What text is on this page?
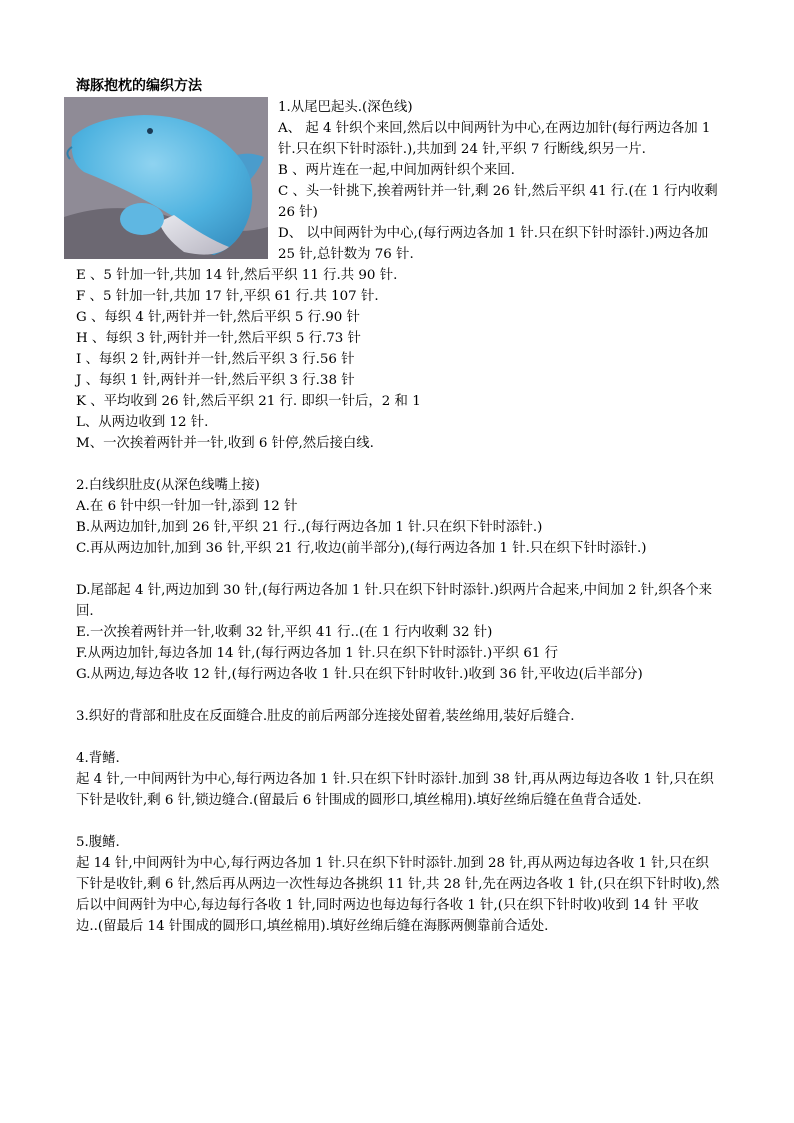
海豚抱枕的编织方法

1.从尾巴起头.(深色线)

A、 起 4 针织个来回,然后以中间两针为中心,在两边加针(每行两边各加 1 针.只在织下针时添针.),共加到 24 针,平织 7 行断线,织另一片.

B 、两片连在一起,中间加两针织个来回.

C 、头一针挑下,挨着两针并一针,剩 26 针,然后平织 41 行.(在 1 行内收剩 26 针)

D、 以中间两针为中心,(每行两边各加 1 针.只在织下针时添针.)两边各加 25 针,总针数为 76 针.

E 、5 针加一针,共加 14 针,然后平织 11 行.共 90 针.

F 、5 针加一针,共加 17 针,平织 61 行.共 107 针.

G 、每织 4 针,两针并一针,然后平织 5 行.90 针

H 、每织 3 针,两针并一针,然后平织 5 行.73 针

I 、每织 2 针,两针并一针,然后平织 3 行.56 针

J 、每织 1 针,两针并一针,然后平织 3 行.38 针

K 、平均收到 26 针,然后平织 21 行. 即织一针后，2 和 1

L、从两边收到 12 针.

M、一次挨着两针并一针,收到 6 针停,然后接白线.

2.白线织肚皮(从深色线嘴上接)

A.在 6 针中织一针加一针,添到 12 针

B.从两边加针,加到 26 针,平织 21 行.,(每行两边各加 1 针.只在织下针时添针.)

C.再从两边加针,加到 36 针,平织 21 行,收边(前半部分),(每行两边各加 1 针.只在织下针时添针.)

D.尾部起 4 针,两边加到 30 针,(每行两边各加 1 针.只在织下针时添针.)织两片合起来,中间加 2 针,织各个来回.

E.一次挨着两针并一针,收剩 32 针,平织 41 行..(在 1 行内收剩 32 针)

F.从两边加针,每边各加 14 针,(每行两边各加 1 针.只在织下针时添针.)平织 61 行

G.从两边,每边各收 12 针,(每行两边各收 1 针.只在织下针时收针.)收到 36 针,平收边(后半部分)

3.织好的背部和肚皮在反面缝合.肚皮的前后两部分连接处留着,装丝绵用,装好后缝合.

4.背鳍.

起 4 针,一中间两针为中心,每行两边各加 1 针.只在织下针时添针.加到 38 针,再从两边每边各收 1 针,只在织下针是收针,剩 6 针,锁边缝合.(留最后 6 针围成的圆形口,填丝棉用).填好丝绵后缝在鱼背合适处.

5.腹鳍.

起 14 针,中间两针为中心,每行两边各加 1 针.只在织下针时添针.加到 28 针,再从两边每边各收 1 针,只在织下针是收针,剩 6 针,然后再从两边一次性每边各挑织 11 针,共 28 针,先在两边各收 1 针,(只在织下针时收),然后以中间两针为中心,每边每行各收 1 针,同时两边也每边每行各收 1 针,(只在织下针时收)收到 14 针 平收边..(留最后 14 针围成的圆形口,填丝棉用).填好丝绵后缝在海豚两侧靠前合适处.
